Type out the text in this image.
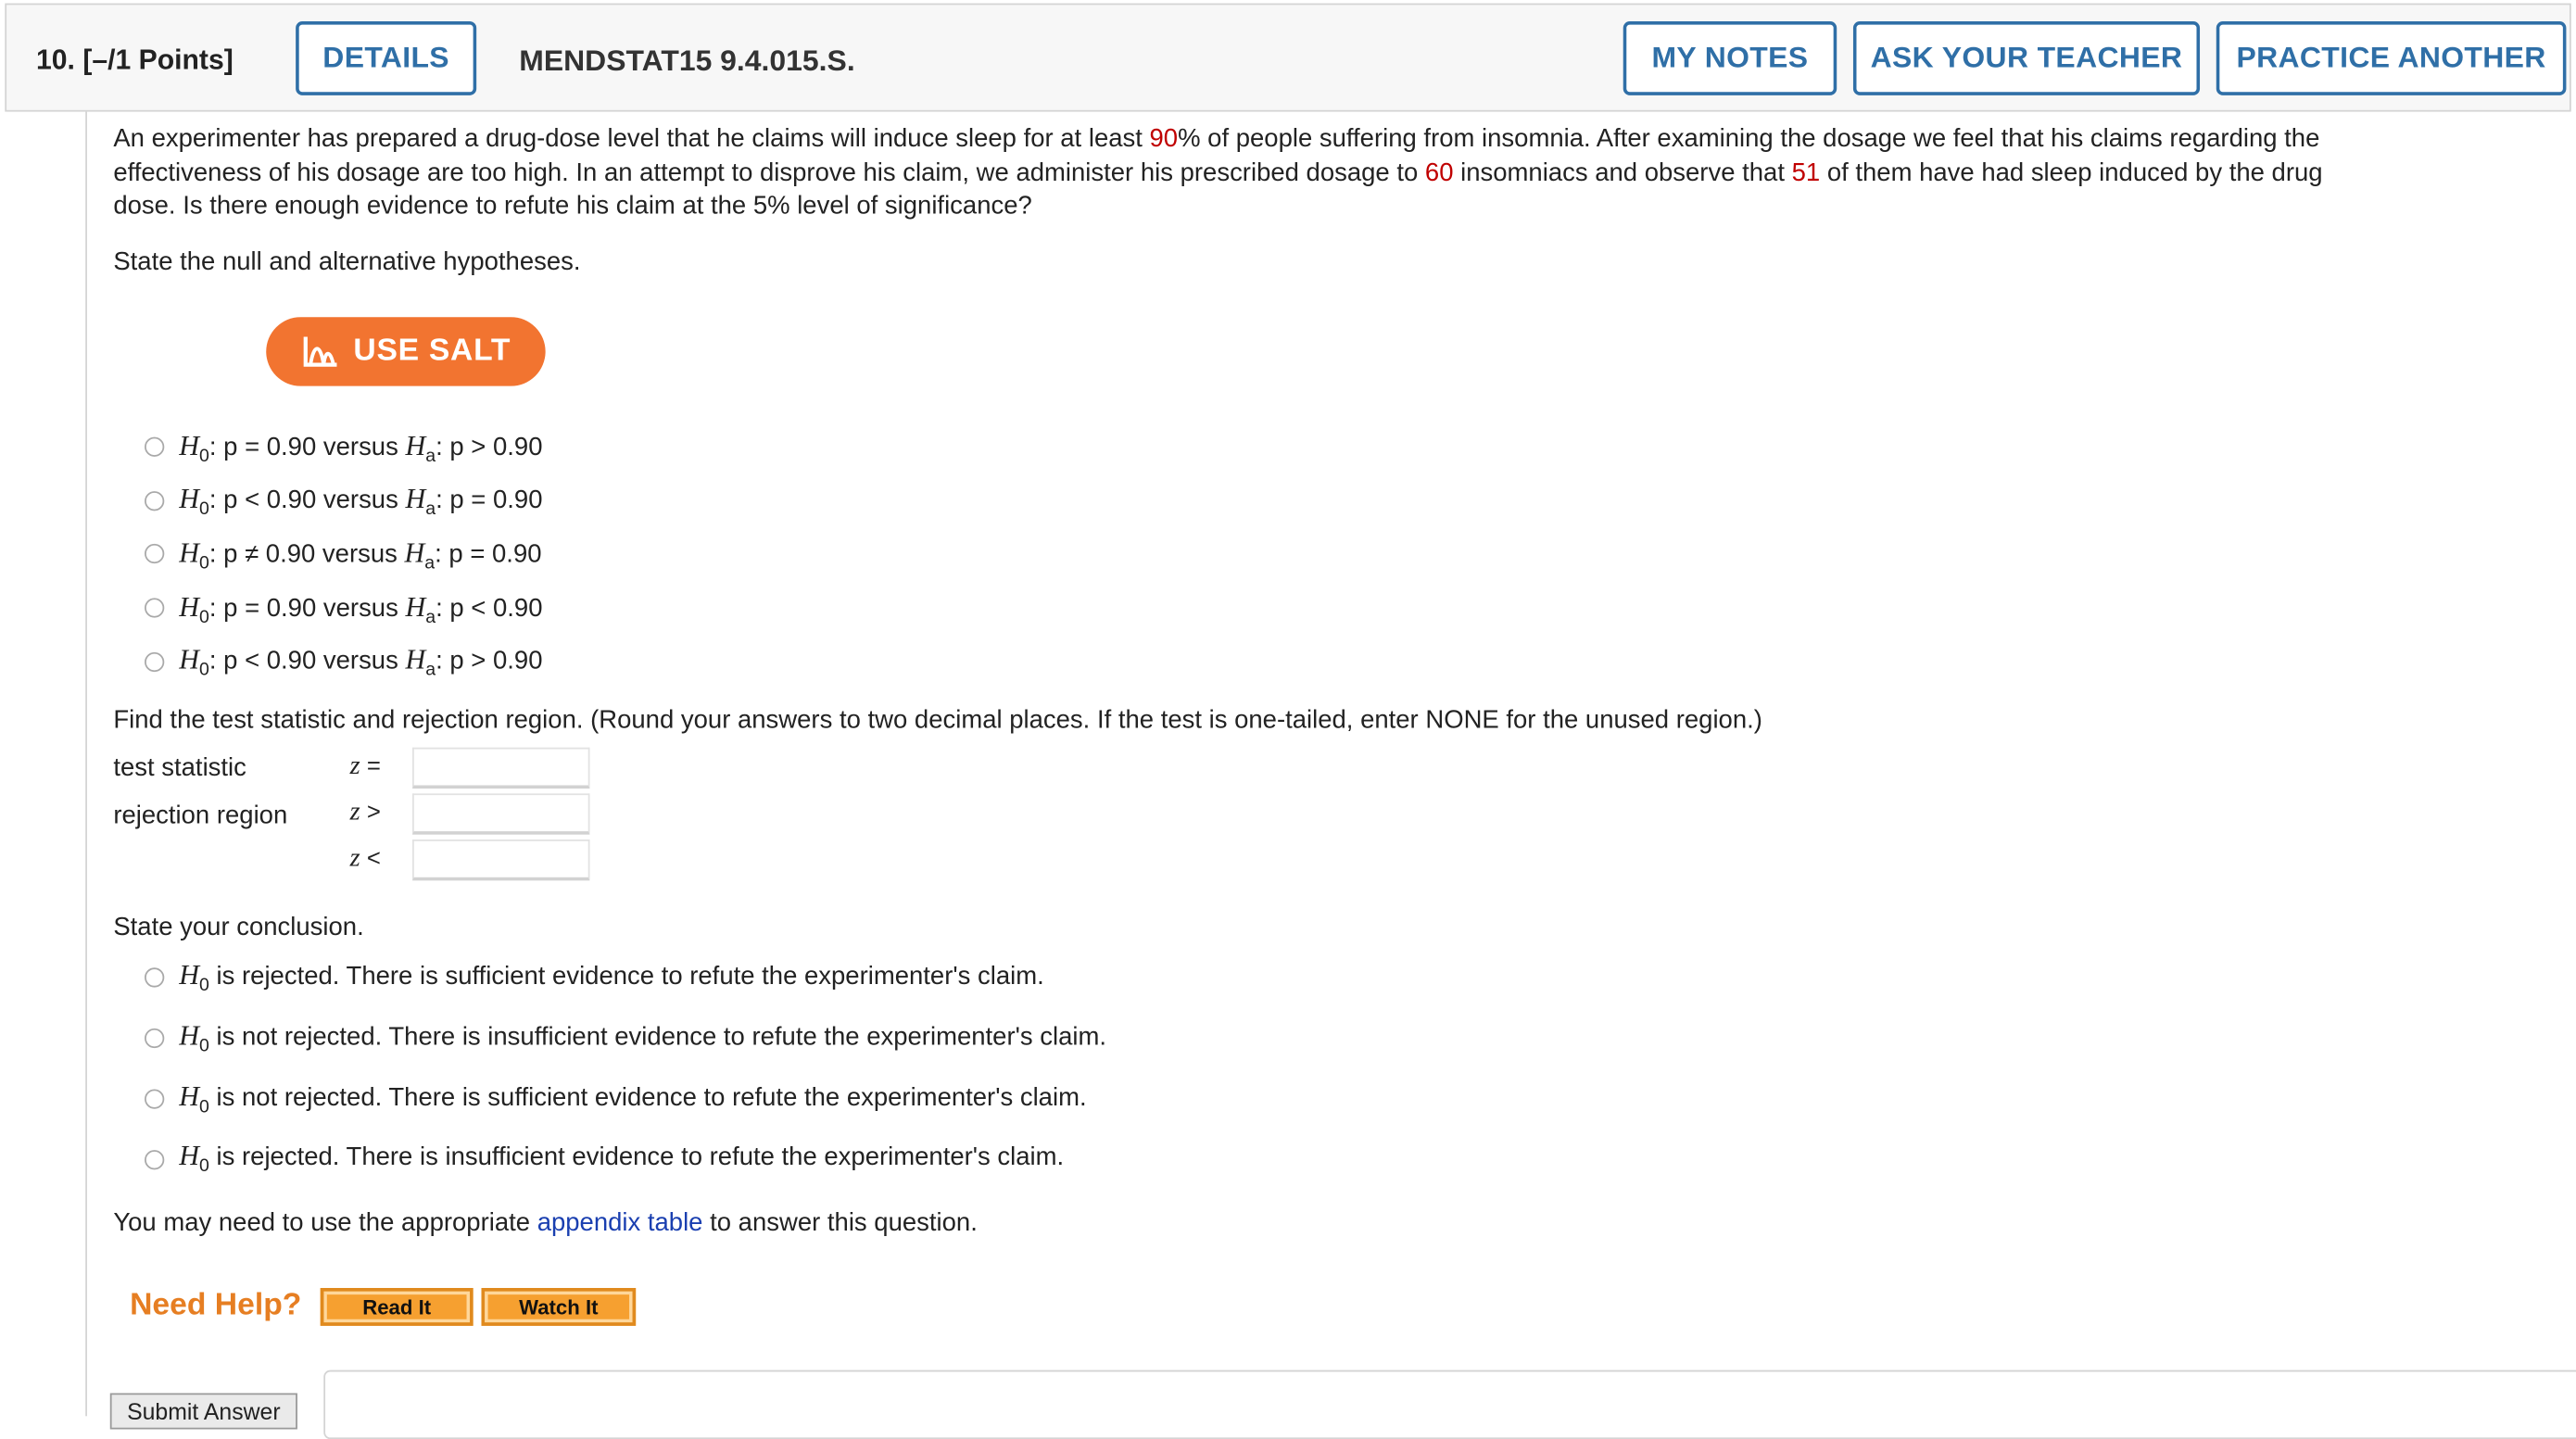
10. [–/1 Points]	DETAILS	MENDSTAT15 9.4.015.S.	MY NOTES	ASK YOUR TEACHER	PRACTICE ANOTHER
An experimenter has prepared a drug-dose level that he claims will induce sleep for at least 90% of people suffering from insomnia. After examining the dosage we feel that his claims regarding the
effectiveness of his dosage are too high. In an attempt to disprove his claim, we administer his prescribed dosage to 60 insomniacs and observe that 51 of them have had sleep induced by the drug
dose. Is there enough evidence to refute his claim at the 5% level of significance?
State the null and alternative hypotheses.
USE SALT
$H_0$: p = 0.90 versus $H_a$: p > 0.90
$H_0$: p < 0.90 versus $H_a$: p = 0.90
$H_0$: p ≠ 0.90 versus $H_a$: p = 0.90
$H_0$: p = 0.90 versus $H_a$: p < 0.90
$H_0$: p < 0.90 versus $H_a$: p > 0.90
Find the test statistic and rejection region. (Round your answers to two decimal places. If the test is one-tailed, enter NONE for the unused region.)
test statistic	z =
rejection region	z >
z <
State your conclusion.
$H_0$ is rejected. There is sufficient evidence to refute the experimenter's claim.
$H_0$ is not rejected. There is insufficient evidence to refute the experimenter's claim.
$H_0$ is not rejected. There is sufficient evidence to refute the experimenter's claim.
$H_0$ is rejected. There is insufficient evidence to refute the experimenter's claim.
You may need to use the appropriate appendix table to answer this question.
Need Help?	Read It	Watch It
Submit Answer
